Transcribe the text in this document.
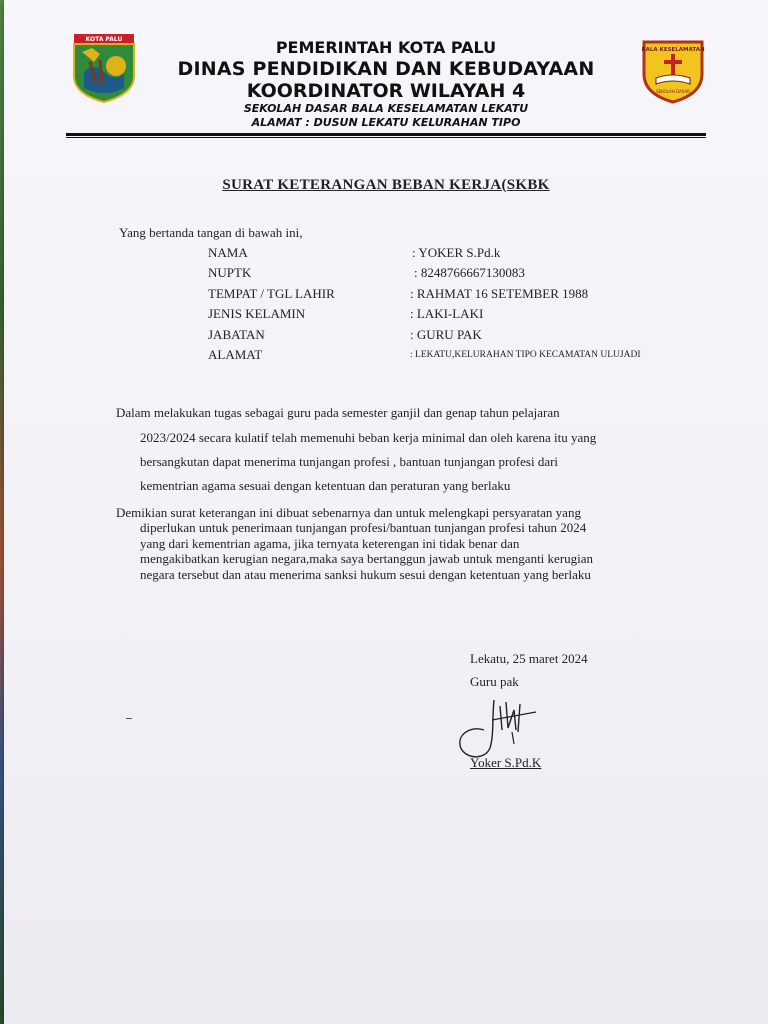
KOTA PALU
BALA KESELAMATAN
SEKOLAH DASAR
PEMERINTAH KOTA PALU
DINAS PENDIDIKAN DAN KEBUDAYAAN
KOORDINATOR WILAYAH 4
SEKOLAH DASAR BALA KESELAMATAN LEKATU
ALAMAT : DUSUN LEKATU KELURAHAN TIPO
SURAT KETERANGAN BEBAN KERJA(SKBK
Yang bertanda tangan di bawah ini,
NAMA	: YOKER S.Pd.k
NUPTK	: 8248766667130083
TEMPAT / TGL LAHIR	: RAHMAT 16 SETEMBER 1988
JENIS KELAMIN	: LAKI-LAKI
JABATAN	: GURU PAK
ALAMAT	: LEKATU,KELURAHAN TIPO KECAMATAN ULUJADI
Dalam melakukan tugas sebagai guru pada semester ganjil dan genap tahun pelajaran
2023/2024 secara kulatif telah memenuhi beban kerja minimal dan oleh karena itu yang
bersangkutan dapat menerima tunjangan profesi , bantuan tunjangan profesi dari
kementrian agama sesuai dengan ketentuan dan peraturan yang berlaku
Demikian surat keterangan ini dibuat sebenarnya dan untuk melengkapi persyaratan yang
diperlukan untuk penerimaan tunjangan profesi/bantuan tunjangan profesi tahun 2024
yang dari kementrian agama, jika ternyata keterengan ini tidak benar dan
mengakibatkan kerugian negara,maka saya bertanggun jawab untuk menganti kerugian
negara tersebut dan atau menerima sanksi hukum sesui dengan ketentuan yang berlaku
Lekatu, 25 maret 2024
Guru pak
Yoker S.Pd.K
